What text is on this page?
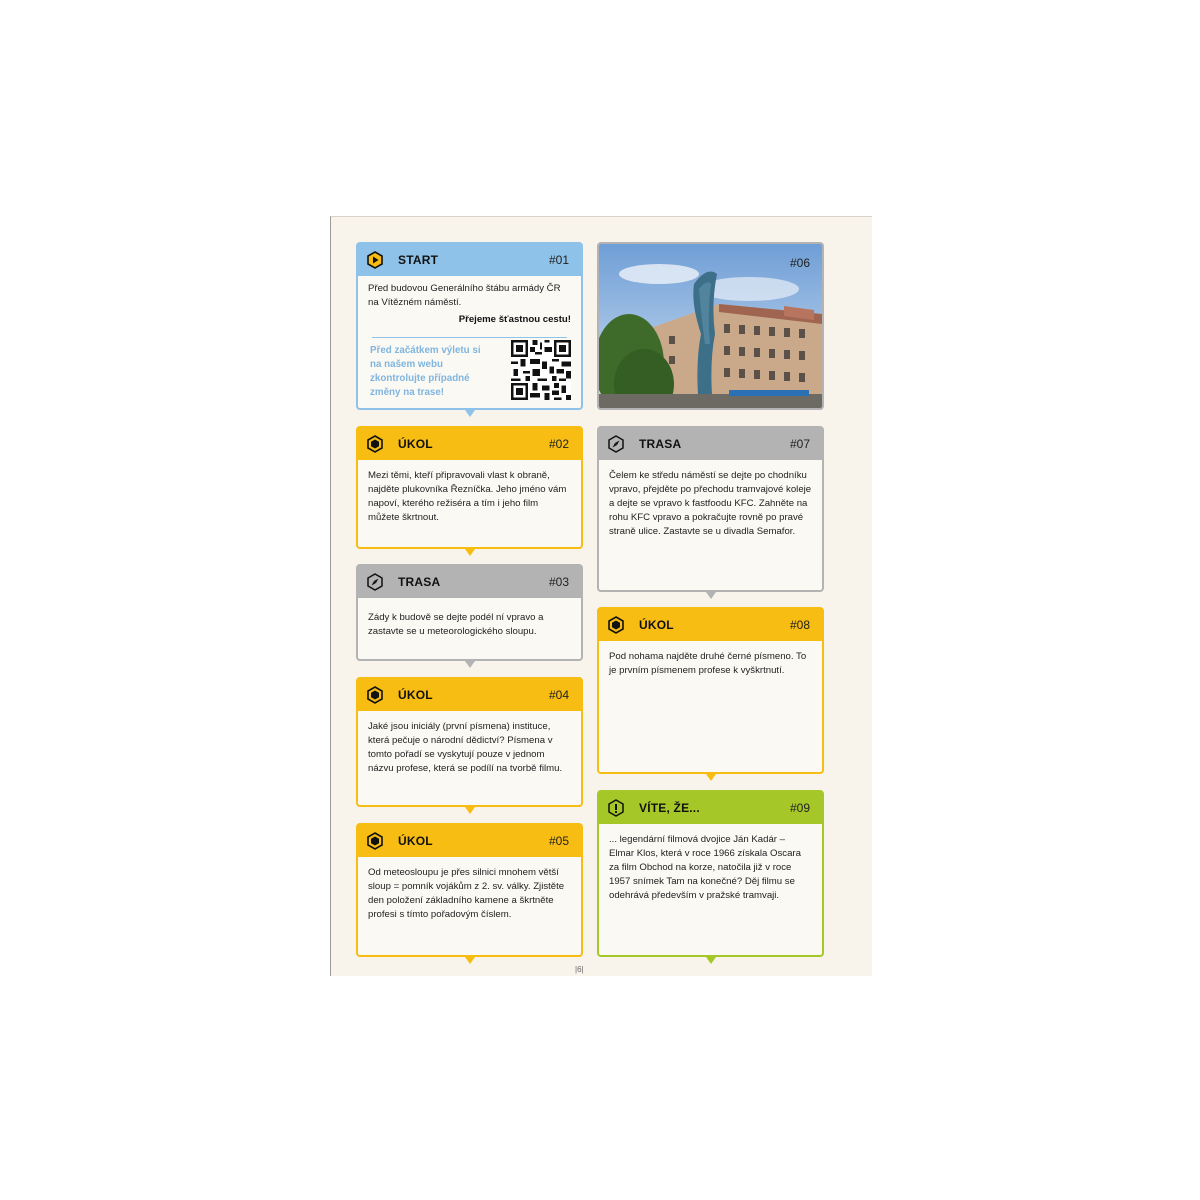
START	#01
Před budovou Generálního štábu armády ČR na Vítězném náměstí.
Přejeme šťastnou cestu!
Před začátkem výletu si na našem webu zkontrolujte případné změny na trase!
ÚKOL	#02
Mezi těmi, kteří připravovali vlast k obraně, najděte plukovníka Řezníčka. Jeho jméno vám napoví, kterého režiséra a tím i jeho film můžete škrtnout.
TRASA	#03
Zády k budově se dejte podél ní vpravo a zastavte se u meteorologického sloupu.
ÚKOL	#04
Jaké jsou iniciály (první písmena) instituce, která pečuje o národní dědictví? Písmena v tomto pořadí se vyskytují pouze v jednom názvu profese, která se podílí na tvorbě filmu.
ÚKOL	#05
Od meteosloupu je přes silnici mnohem větší sloup = pomník vojákům z 2. sv. války. Zjistěte den položení základního kamene a škrtněte profesi s tímto pořadovým číslem.
#06
TRASA	#07
Čelem ke středu náměstí se dejte po chodníku vpravo, přejděte po přechodu tramvajové koleje a dejte se vpravo k fastfoodu KFC. Zahněte na rohu KFC vpravo a pokračujte rovně po pravé straně ulice. Zastavte se u divadla Semafor.
ÚKOL	#08
Pod nohama najděte druhé černé písmeno. To je prvním písmenem profese k vyškrtnutí.
VÍTE, ŽE...	#09
... legendární filmová dvojice Ján Kadár – Elmar Klos, která v roce 1966 získala Oscara za film Obchod na korze, natočila již v roce 1957 snímek Tam na konečné? Děj filmu se odehrává především v pražské tramvaji.
|6|
